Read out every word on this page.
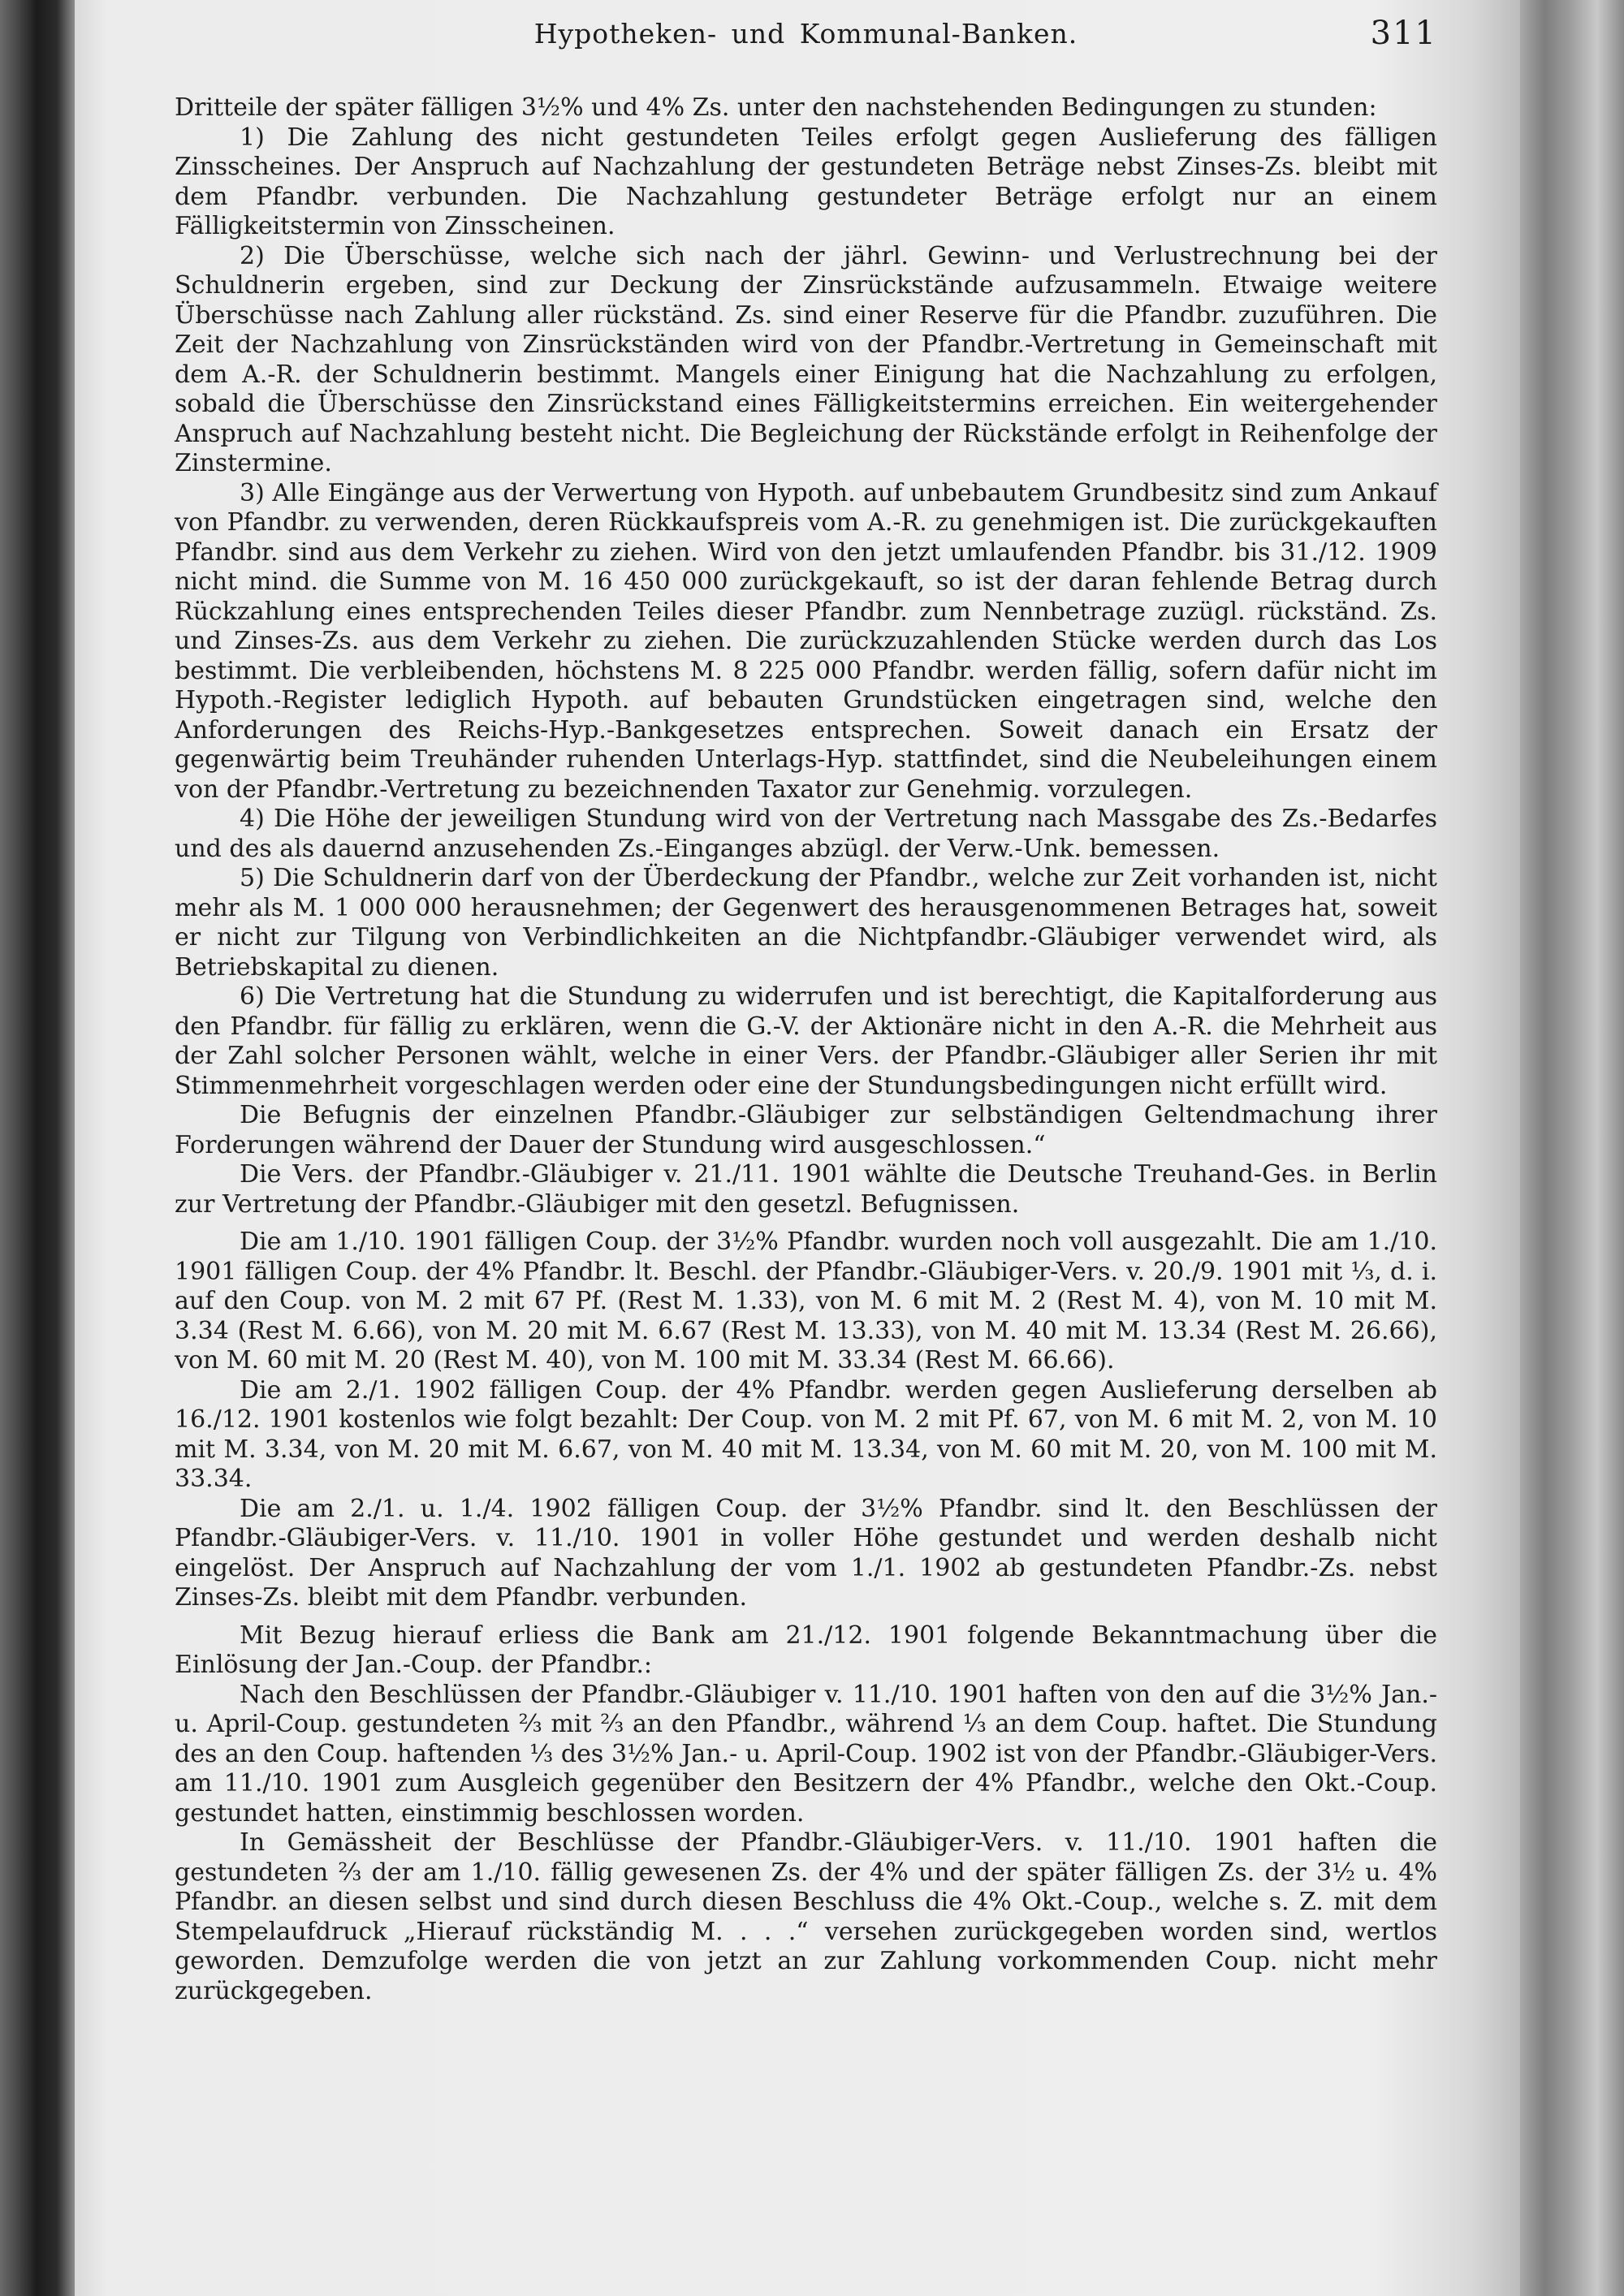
Hypotheken- und Kommunal-Banken.	311

Dritteile der später fälligen 3½% und 4% Zs. unter den nachstehenden Bedingungen zu stunden:

1) Die Zahlung des nicht gestundeten Teiles erfolgt gegen Auslieferung des fälligen Zinsscheines. Der Anspruch auf Nachzahlung der gestundeten Beträge nebst Zinses-Zs. bleibt mit dem Pfandbr. verbunden. Die Nachzahlung gestundeter Beträge erfolgt nur an einem Fälligkeitstermin von Zinsscheinen.

2) Die Überschüsse, welche sich nach der jährl. Gewinn- und Verlustrechnung bei der Schuldnerin ergeben, sind zur Deckung der Zinsrückstände aufzusammeln. Etwaige weitere Überschüsse nach Zahlung aller rückständ. Zs. sind einer Reserve für die Pfandbr. zuzuführen. Die Zeit der Nachzahlung von Zinsrückständen wird von der Pfandbr.-Vertretung in Gemeinschaft mit dem A.-R. der Schuldnerin bestimmt. Mangels einer Einigung hat die Nachzahlung zu erfolgen, sobald die Überschüsse den Zinsrückstand eines Fälligkeitstermins erreichen. Ein weitergehender Anspruch auf Nachzahlung besteht nicht. Die Begleichung der Rückstände erfolgt in Reihenfolge der Zinstermine.

3) Alle Eingänge aus der Verwertung von Hypoth. auf unbebautem Grundbesitz sind zum Ankauf von Pfandbr. zu verwenden, deren Rückkaufspreis vom A.-R. zu genehmigen ist. Die zurückgekauften Pfandbr. sind aus dem Verkehr zu ziehen. Wird von den jetzt umlaufenden Pfandbr. bis 31./12. 1909 nicht mind. die Summe von M. 16 450 000 zurückgekauft, so ist der daran fehlende Betrag durch Rückzahlung eines entsprechenden Teiles dieser Pfandbr. zum Nennbetrage zuzügl. rückständ. Zs. und Zinses-Zs. aus dem Verkehr zu ziehen. Die zurückzuzahlenden Stücke werden durch das Los bestimmt. Die verbleibenden, höchstens M. 8 225 000 Pfandbr. werden fällig, sofern dafür nicht im Hypoth.-Register lediglich Hypoth. auf bebauten Grundstücken eingetragen sind, welche den Anforderungen des Reichs-Hyp.-Bankgesetzes entsprechen. Soweit danach ein Ersatz der gegenwärtig beim Treuhänder ruhenden Unterlags-Hyp. stattfindet, sind die Neubeleihungen einem von der Pfandbr.-Vertretung zu bezeichnenden Taxator zur Genehmig. vorzulegen.

4) Die Höhe der jeweiligen Stundung wird von der Vertretung nach Massgabe des Zs.-Bedarfes und des als dauernd anzusehenden Zs.-Einganges abzügl. der Verw.-Unk. bemessen.

5) Die Schuldnerin darf von der Überdeckung der Pfandbr., welche zur Zeit vorhanden ist, nicht mehr als M. 1 000 000 herausnehmen; der Gegenwert des herausgenommenen Betrages hat, soweit er nicht zur Tilgung von Verbindlichkeiten an die Nichtpfandbr.-Gläubiger verwendet wird, als Betriebskapital zu dienen.

6) Die Vertretung hat die Stundung zu widerrufen und ist berechtigt, die Kapitalforderung aus den Pfandbr. für fällig zu erklären, wenn die G.-V. der Aktionäre nicht in den A.-R. die Mehrheit aus der Zahl solcher Personen wählt, welche in einer Vers. der Pfandbr.-Gläubiger aller Serien ihr mit Stimmenmehrheit vorgeschlagen werden oder eine der Stundungsbedingungen nicht erfüllt wird.

Die Befugnis der einzelnen Pfandbr.-Gläubiger zur selbständigen Geltendmachung ihrer Forderungen während der Dauer der Stundung wird ausgeschlossen.“

Die Vers. der Pfandbr.-Gläubiger v. 21./11. 1901 wählte die Deutsche Treuhand-Ges. in Berlin zur Vertretung der Pfandbr.-Gläubiger mit den gesetzl. Befugnissen.

Die am 1./10. 1901 fälligen Coup. der 3½% Pfandbr. wurden noch voll ausgezahlt. Die am 1./10. 1901 fälligen Coup. der 4% Pfandbr. lt. Beschl. der Pfandbr.-Gläubiger-Vers. v. 20./9. 1901 mit ⅓, d. i. auf den Coup. von M. 2 mit 67 Pf. (Rest M. 1.33), von M. 6 mit M. 2 (Rest M. 4), von M. 10 mit M. 3.34 (Rest M. 6.66), von M. 20 mit M. 6.67 (Rest M. 13.33), von M. 40 mit M. 13.34 (Rest M. 26.66), von M. 60 mit M. 20 (Rest M. 40), von M. 100 mit M. 33.34 (Rest M. 66.66).

Die am 2./1. 1902 fälligen Coup. der 4% Pfandbr. werden gegen Auslieferung derselben ab 16./12. 1901 kostenlos wie folgt bezahlt: Der Coup. von M. 2 mit Pf. 67, von M. 6 mit M. 2, von M. 10 mit M. 3.34, von M. 20 mit M. 6.67, von M. 40 mit M. 13.34, von M. 60 mit M. 20, von M. 100 mit M. 33.34.

Die am 2./1. u. 1./4. 1902 fälligen Coup. der 3½% Pfandbr. sind lt. den Beschlüssen der Pfandbr.-Gläubiger-Vers. v. 11./10. 1901 in voller Höhe gestundet und werden deshalb nicht eingelöst. Der Anspruch auf Nachzahlung der vom 1./1. 1902 ab gestundeten Pfandbr.-Zs. nebst Zinses-Zs. bleibt mit dem Pfandbr. verbunden.

Mit Bezug hierauf erliess die Bank am 21./12. 1901 folgende Bekanntmachung über die Einlösung der Jan.-Coup. der Pfandbr.:

Nach den Beschlüssen der Pfandbr.-Gläubiger v. 11./10. 1901 haften von den auf die 3½% Jan.- u. April-Coup. gestundeten ⅔ mit ⅔ an den Pfandbr., während ⅓ an dem Coup. haftet. Die Stundung des an den Coup. haftenden ⅓ des 3½% Jan.- u. April-Coup. 1902 ist von der Pfandbr.-Gläubiger-Vers. am 11./10. 1901 zum Ausgleich gegenüber den Besitzern der 4% Pfandbr., welche den Okt.-Coup. gestundet hatten, einstimmig beschlossen worden.

In Gemässheit der Beschlüsse der Pfandbr.-Gläubiger-Vers. v. 11./10. 1901 haften die gestundeten ⅔ der am 1./10. fällig gewesenen Zs. der 4% und der später fälligen Zs. der 3½ u. 4% Pfandbr. an diesen selbst und sind durch diesen Beschluss die 4% Okt.-Coup., welche s. Z. mit dem Stempelaufdruck „Hierauf rückständig M. . . .“ versehen zurückgegeben worden sind, wertlos geworden. Demzufolge werden die von jetzt an zur Zahlung vorkommenden Coup. nicht mehr zurückgegeben.
